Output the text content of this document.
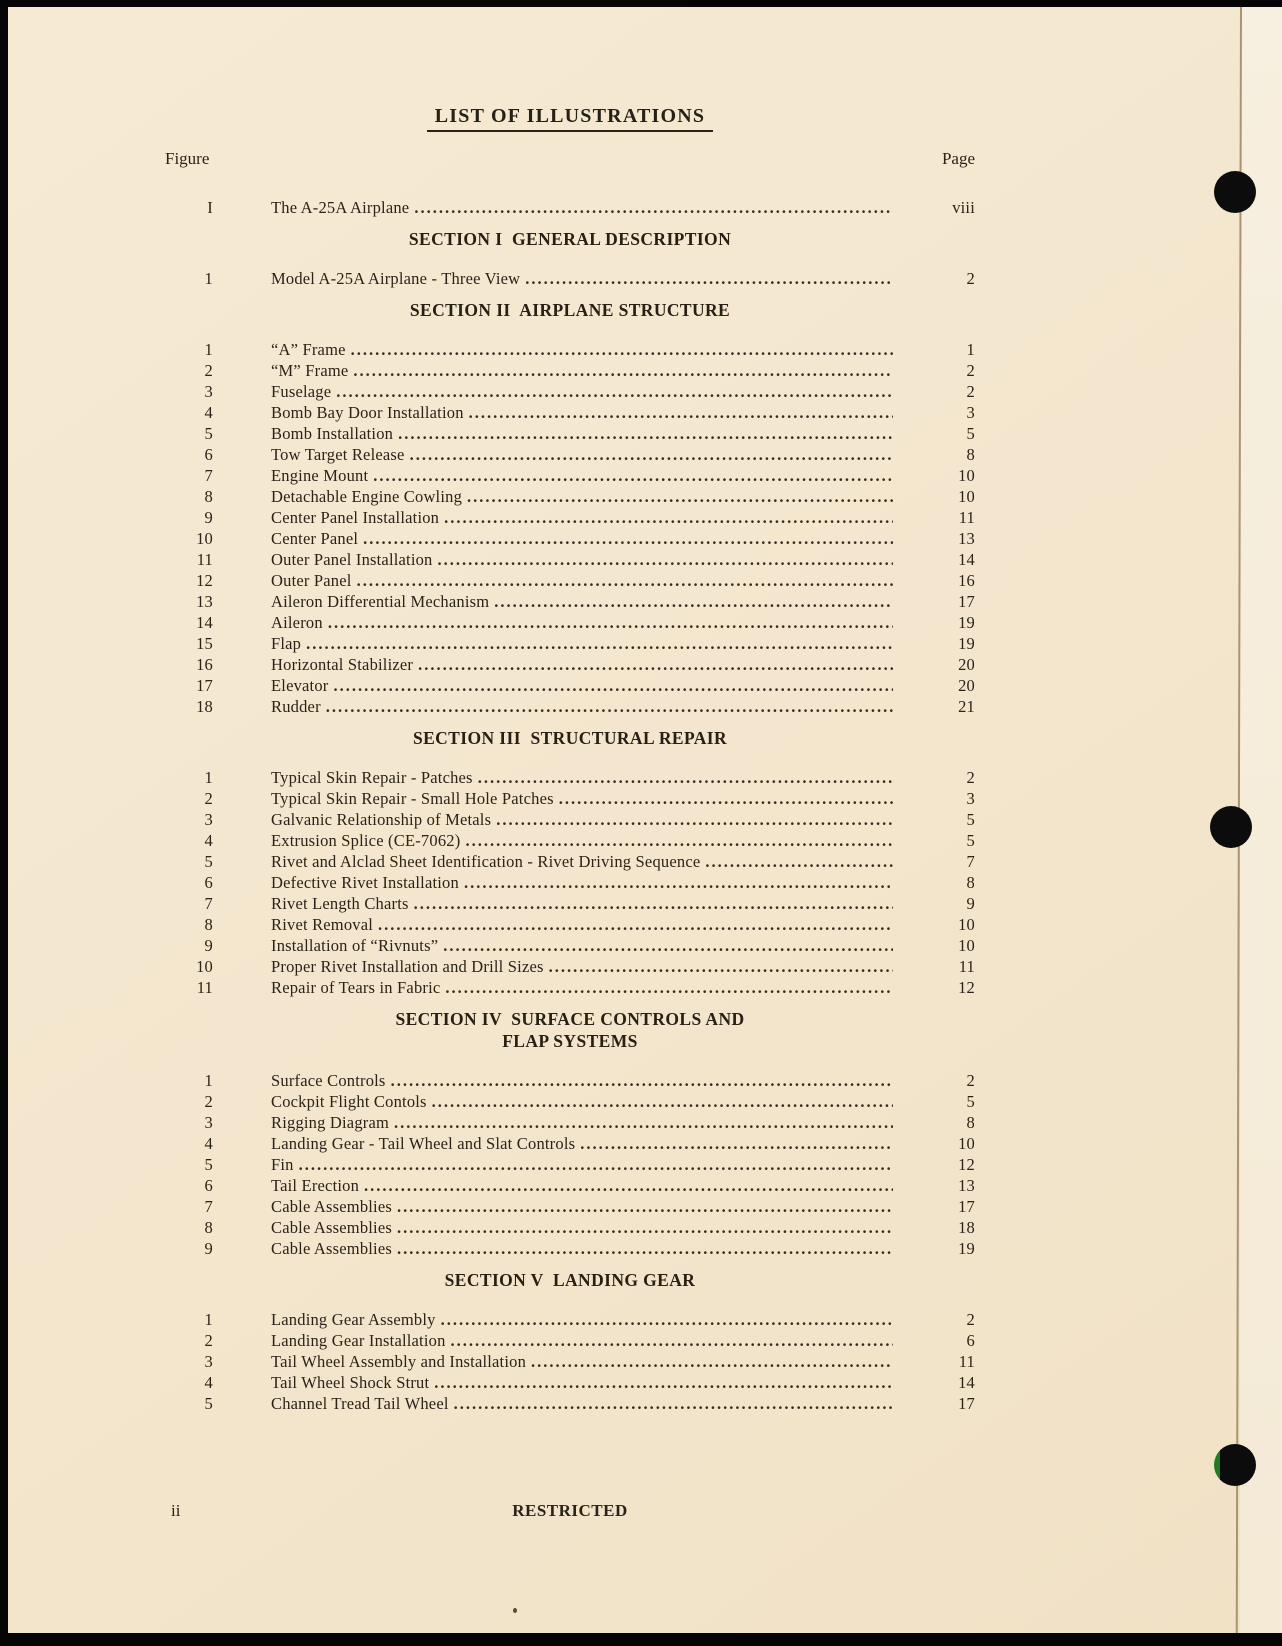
LIST OF ILLUSTRATIONS
Figure	Page
I	The A-25A Airplane .....	viii
SECTION I  GENERAL DESCRIPTION
1	Model A-25A Airplane - Three View .....	2
SECTION II  AIRPLANE STRUCTURE
1	“A” Frame .....	1
2	“M” Frame .....	2
3	Fuselage .....	2
4	Bomb Bay Door Installation .....	3
5	Bomb Installation .....	5
6	Tow Target Release .....	8
7	Engine Mount .....	10
8	Detachable Engine Cowling .....	10
9	Center Panel Installation .....	11
10	Center Panel .....	13
11	Outer Panel Installation .....	14
12	Outer Panel .....	16
13	Aileron Differential Mechanism .....	17
14	Aileron .....	19
15	Flap .....	19
16	Horizontal Stabilizer .....	20
17	Elevator .....	20
18	Rudder .....	21
SECTION III  STRUCTURAL REPAIR
1	Typical Skin Repair - Patches .....	2
2	Typical Skin Repair - Small Hole Patches .....	3
3	Galvanic Relationship of Metals .....	5
4	Extrusion Splice (CE-7062) .....	5
5	Rivet and Alclad Sheet Identification - Rivet Driving Sequence .....	7
6	Defective Rivet Installation .....	8
7	Rivet Length Charts .....	9
8	Rivet Removal .....	10
9	Installation of “Rivnuts” .....	10
10	Proper Rivet Installation and Drill Sizes .....	11
11	Repair of Tears in Fabric .....	12
SECTION IV  SURFACE CONTROLS AND
FLAP SYSTEMS
1	Surface Controls .....	2
2	Cockpit Flight Contols .....	5
3	Rigging Diagram .....	8
4	Landing Gear - Tail Wheel and Slat Controls .....	10
5	Fin .....	12
6	Tail Erection .....	13
7	Cable Assemblies .....	17
8	Cable Assemblies .....	18
9	Cable Assemblies .....	19
SECTION V  LANDING GEAR
1	Landing Gear Assembly .....	2
2	Landing Gear Installation .....	6
3	Tail Wheel Assembly and Installation .....	11
4	Tail Wheel Shock Strut .....	14
5	Channel Tread Tail Wheel .....	17
ii	RESTRICTED
